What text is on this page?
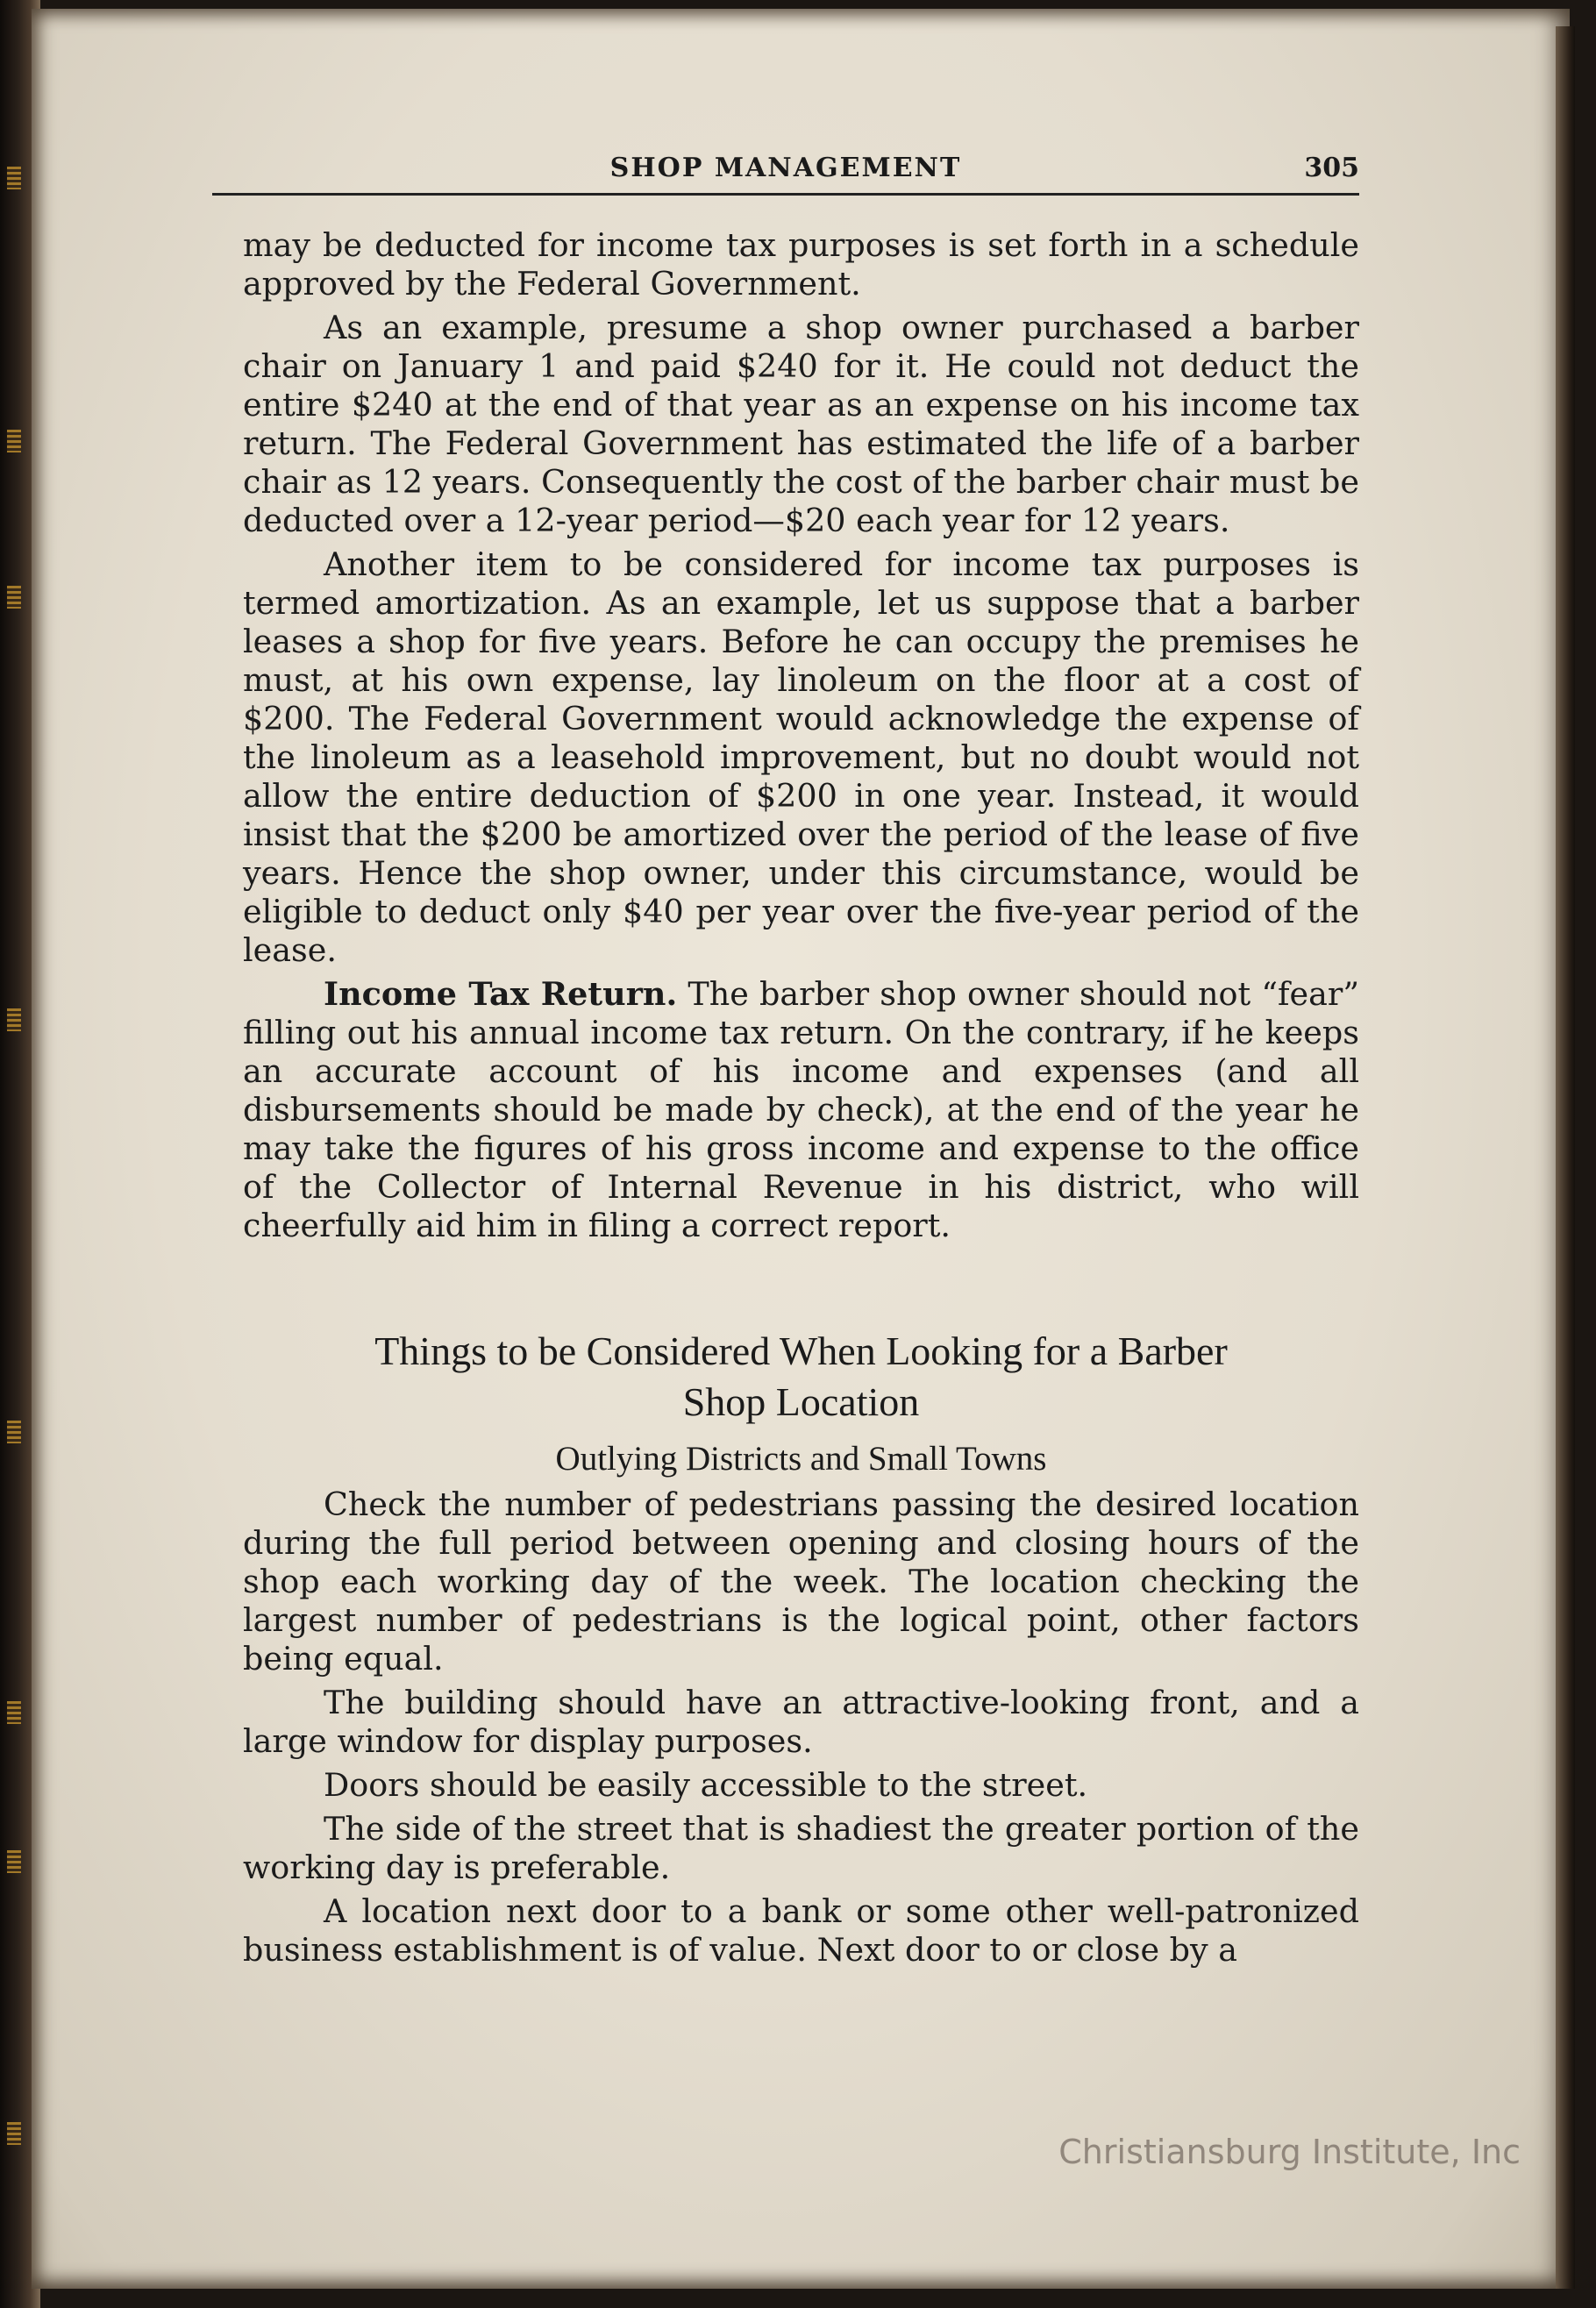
SHOP MANAGEMENT	305

may be deducted for income tax purposes is set forth in a schedule approved by the Federal Government.

As an example, presume a shop owner purchased a barber chair on January 1 and paid $240 for it. He could not deduct the entire $240 at the end of that year as an expense on his income tax return. The Federal Government has estimated the life of a barber chair as 12 years. Consequently the cost of the barber chair must be deducted over a 12-year period—$20 each year for 12 years.

Another item to be considered for income tax purposes is termed amortization. As an example, let us suppose that a barber leases a shop for five years. Before he can occupy the premises he must, at his own expense, lay linoleum on the floor at a cost of $200. The Federal Government would acknowledge the expense of the linoleum as a leasehold improvement, but no doubt would not allow the entire deduction of $200 in one year. Instead, it would insist that the $200 be amortized over the period of the lease of five years. Hence the shop owner, under this circumstance, would be eligible to deduct only $40 per year over the five-year period of the lease.

Income Tax Return. The barber shop owner should not “fear” filling out his annual income tax return. On the contrary, if he keeps an accurate account of his income and expenses (and all disbursements should be made by check), at the end of the year he may take the figures of his gross income and expense to the office of the Collector of Internal Revenue in his district, who will cheerfully aid him in filing a correct report.

Things to be Considered When Looking for a Barber
Shop Location

Outlying Districts and Small Towns

Check the number of pedestrians passing the desired location during the full period between opening and closing hours of the shop each working day of the week. The location checking the largest number of pedestrians is the logical point, other factors being equal.

The building should have an attractive-looking front, and a large window for display purposes.

Doors should be easily accessible to the street.

The side of the street that is shadiest the greater portion of the working day is preferable.

A location next door to a bank or some other well-patronized business establishment is of value. Next door to or close by a

Christiansburg Institute, Inc
